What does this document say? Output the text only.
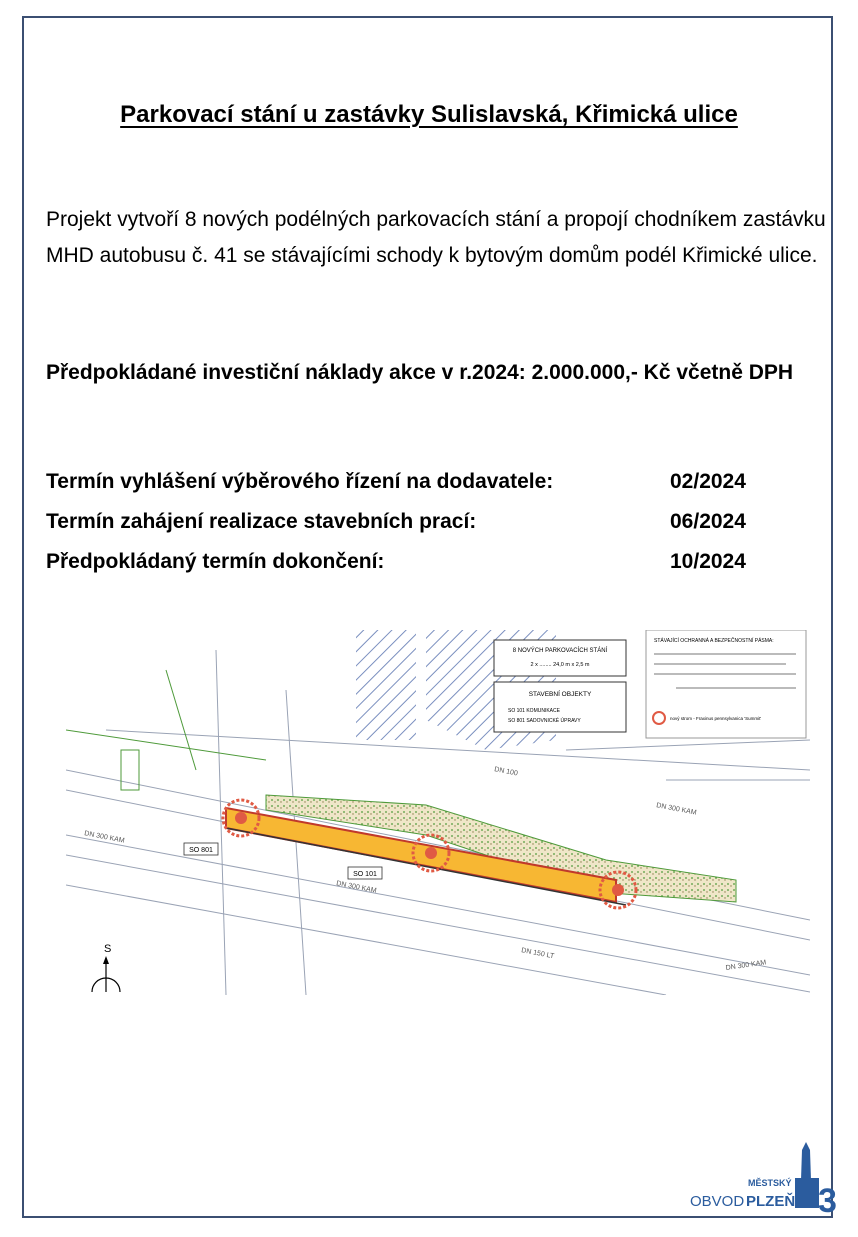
Parkovací stání u zastávky Sulislavská, Křimická ulice
Projekt vytvoří 8 nových podélných parkovacích stání a propojí chodníkem zastávku MHD autobusu č. 41 se stávajícími schody k bytovým domům podél Křimické ulice.
Předpokládané investiční náklady akce v r.2024: 2.000.000,- Kč včetně DPH
Termín vyhlášení výběrového řízení na dodavatele:	02/2024
Termín zahájení realizace stavebních prací:	06/2024
Předpokládaný termín dokončení:	10/2024
8 NOVÝCH PARKOVACÍCH STÁNÍ
2 x ........ 24,0 m x 2,5 m
STAVEBNÍ OBJEKTY
SO 101 KOMUNIKACE
SO 801 SADOVNICKÉ ÚPRAVY
STÁVAJÍCÍ OCHRANNÁ A BEZPEČNOSTNÍ PÁSMA:
nový strom - Fraxinus pennsylvanica 'Summit'
SO 801
SO 101
DN 300 KAM
DN 300 KAM
DN 300 KAM
DN 300 KAM
DN 150 LT
DN 100
S
MĚSTSKÝ
OBVOD PLZEŇ 3
